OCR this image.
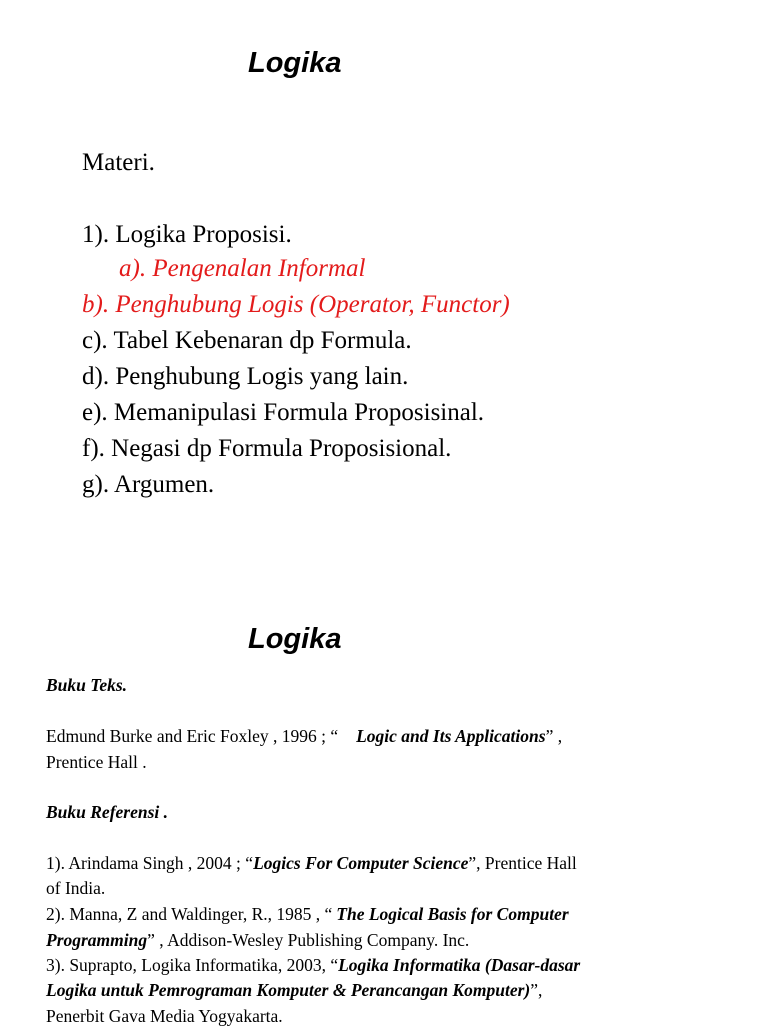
Logika
Materi.
1). Logika Proposisi.
a). Pengenalan Informal
b). Penghubung Logis (Operator, Functor)
c). Tabel Kebenaran dp Formula.
d). Penghubung Logis yang lain.
e). Memanipulasi Formula Proposisinal.
f). Negasi dp Formula Proposisional.
g). Argumen.
Logika
Buku Teks.
Edmund Burke and Eric Foxley , 1996 ; “ Logic and Its Applications” ,
Prentice Hall .
Buku Referensi .
1). Arindama Singh , 2004 ; “Logics For Computer Science”, Prentice Hall
of India.
2). Manna, Z and Waldinger, R., 1985 , “ The Logical Basis for Computer
Programming” , Addison-Wesley Publishing Company. Inc.
3). Suprapto, Logika Informatika, 2003, “Logika Informatika (Dasar-dasar
Logika untuk Pemrograman Komputer & Perancangan Komputer)”,
Penerbit Gava Media Yogyakarta.
